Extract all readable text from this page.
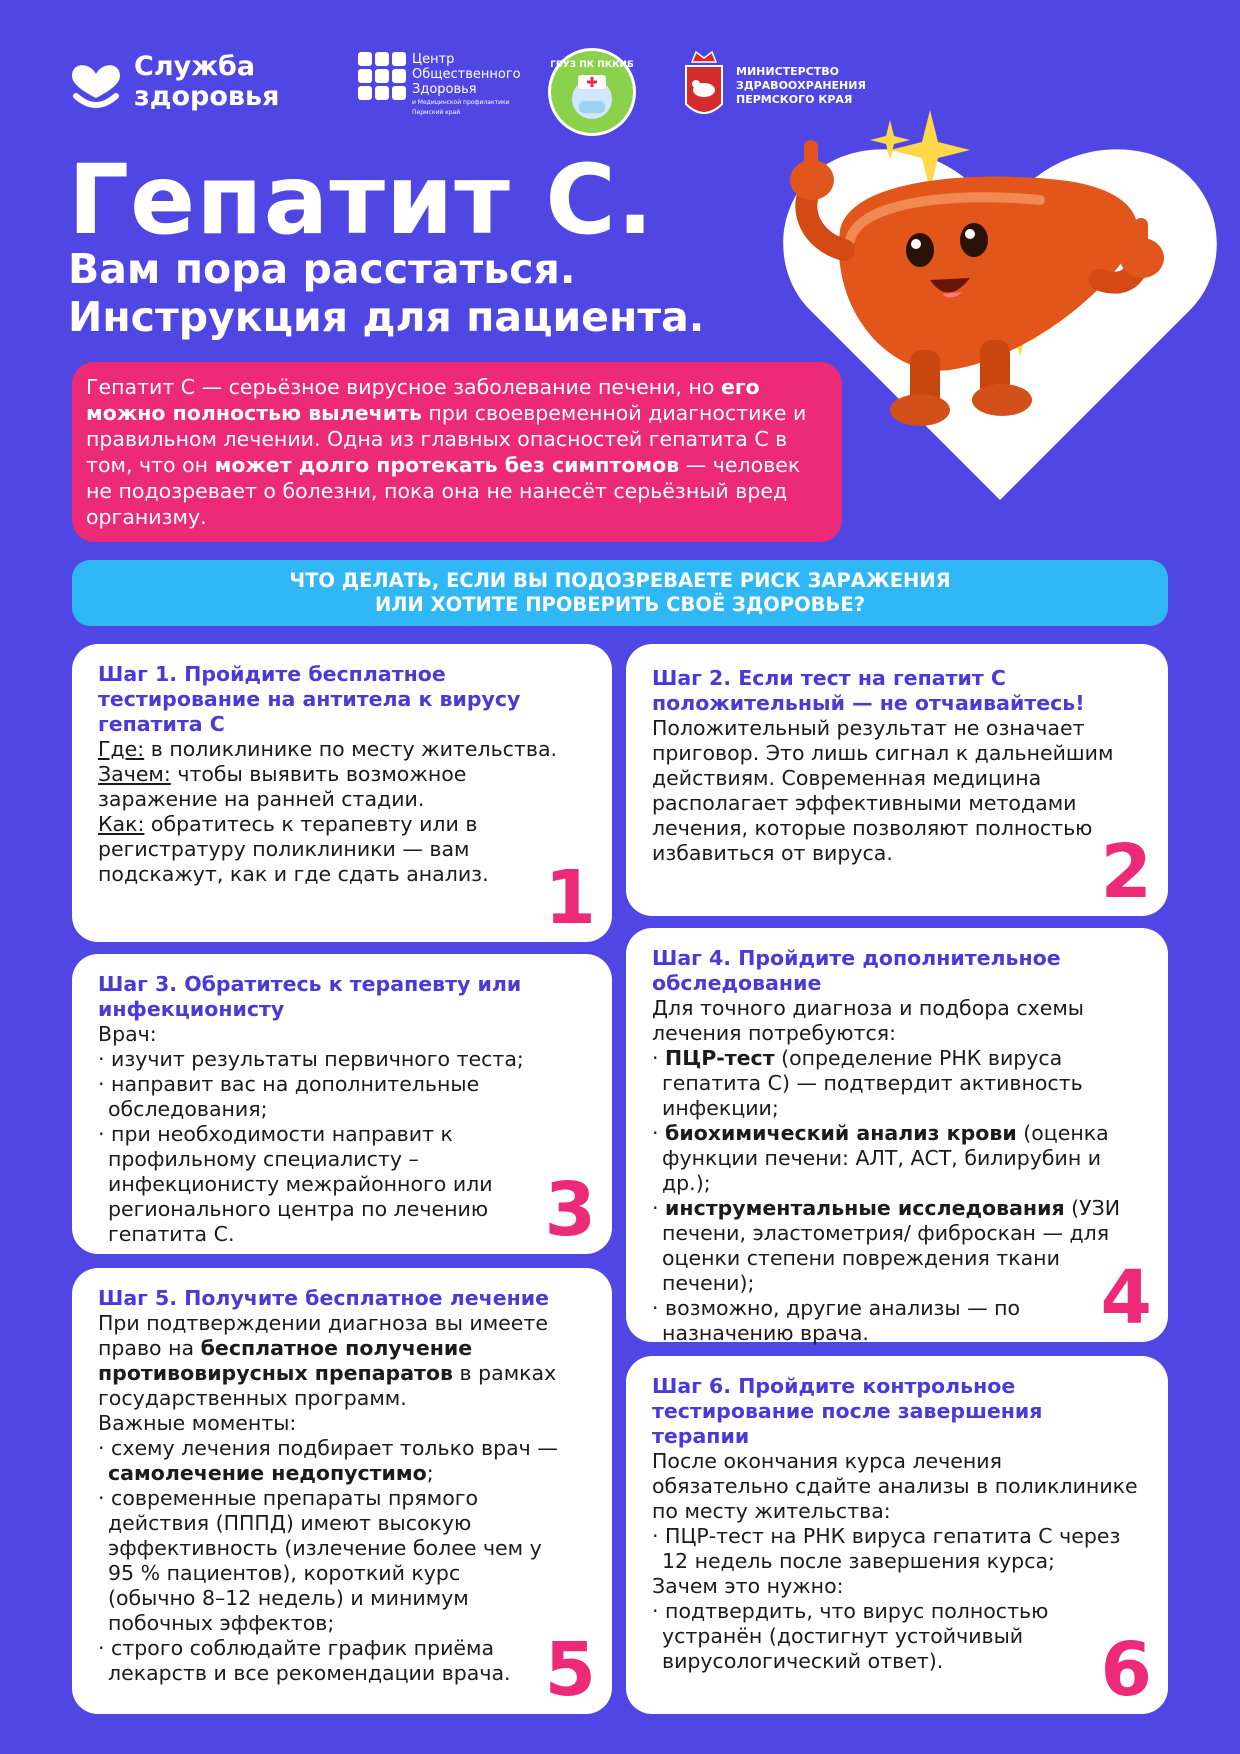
Служба
здоровья
Центр
Общественного
Здоровья
и Медицинской профилактики
Пермский край
ГБУЗ ПК ПККИБ	МИНИСТЕРСТВО
ЗДРАВООХРАНЕНИЯ
ПЕРМСКОГО КРАЯ
Гепатит С.
Вам пора расстаться.
Инструкция для пациента.
Гепатит С — серьёзное вирусное заболевание печени, но его можно полностью вылечить при своевременной диагностике и правильном лечении. Одна из главных опасностей гепатита С в том, что он может долго протекать без симптомов — человек не подозревает о болезни, пока она не нанесёт серьёзный вред организму.
ЧТО ДЕЛАТЬ, ЕСЛИ ВЫ ПОДОЗРЕВАЕТЕ РИСК ЗАРАЖЕНИЯ
ИЛИ ХОТИТЕ ПРОВЕРИТЬ СВОЁ ЗДОРОВЬЕ?
Шаг 1. Пройдите бесплатное тестирование на антитела к вирусу гепатита С
Где: в поликлинике по месту жительства.
Зачем: чтобы выявить возможное заражение на ранней стадии.
Как: обратитесь к терапевту или в регистратуру поликлиники — вам подскажут, как и где сдать анализ. 1
Шаг 2. Если тест на гепатит С положительный — не отчаивайтесь!
Положительный результат не означает приговор. Это лишь сигнал к дальнейшим действиям. Современная медицина располагает эффективными методами лечения, которые позволяют полностью избавиться от вируса.	2
Шаг 3. Обратитесь к терапевту или инфекционисту
Врач:
· изучит результаты первичного теста;
· направит вас на дополнительные обследования;
· при необходимости направит к профильному специалисту – инфекционисту межрайонного или регионального центра по лечению гепатита С.	3
Шаг 4. Пройдите дополнительное обследование
Для точного диагноза и подбора схемы лечения потребуются:
· ПЦР-тест (определение РНК вируса гепатита С) — подтвердит активность инфекции;
· биохимический анализ крови (оценка функции печени: АЛТ, АСТ, билирубин и др.);
· инструментальные исследования (УЗИ печени, эластометрия/ фиброскан — для оценки степени повреждения ткани печени);
· возможно, другие анализы — по назначению врача.	4
Шаг 5. Получите бесплатное лечение
При подтверждении диагноза вы имеете право на бесплатное получение противовирусных препаратов в рамках государственных программ.
Важные моменты:
· схему лечения подбирает только врач — самолечение недопустимо;
· современные препараты прямого действия (ПППД) имеют высокую эффективность (излечение более чем у 95 % пациентов), короткий курс (обычно 8–12 недель) и минимум побочных эффектов;
· строго соблюдайте график приёма лекарств и все рекомендации врача. 5
Шаг 6. Пройдите контрольное тестирование после завершения терапии
После окончания курса лечения обязательно сдайте анализы в поликлинике по месту жительства:
· ПЦР-тест на РНК вируса гепатита С через 12 недель после завершения курса;
Зачем это нужно:
· подтвердить, что вирус полностью устранён (достигнут устойчивый вирусологический ответ).	6
